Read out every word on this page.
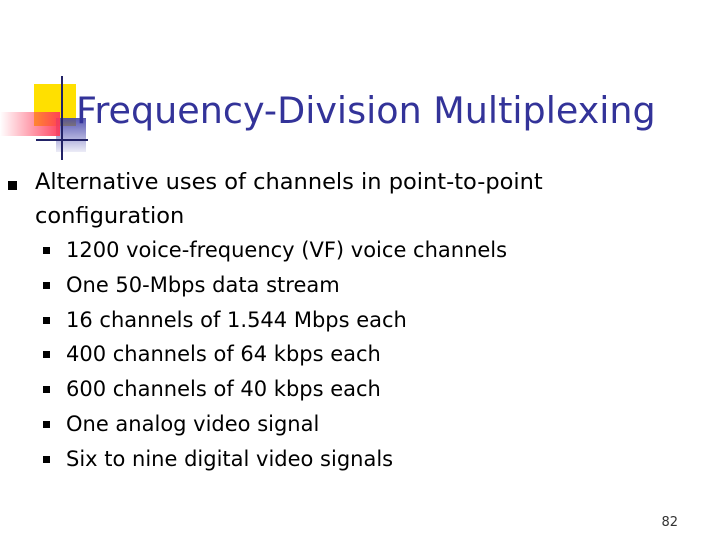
Frequency-Division Multiplexing
Alternative uses of channels in point-to-point configuration
1200 voice-frequency (VF) voice channels
One 50-Mbps data stream
16 channels of 1.544 Mbps each
400 channels of 64 kbps each
600 channels of 40 kbps each
One analog video signal
Six to nine digital video signals
82
